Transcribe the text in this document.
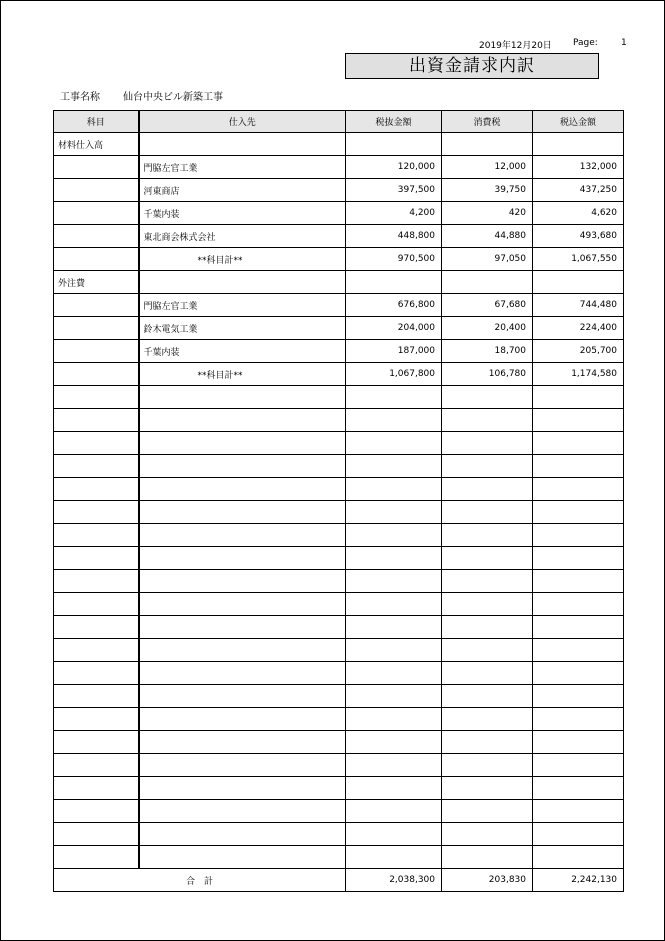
2019年12月20日 Page:	1
出資金請求内訳
工事名称 仙台中央ビル新築工事
科目	仕入先	税抜金額	消費税	税込金額
材料仕入高				
	門脇左官工業	120,000	12,000	132,000
	河東商店	397,500	39,750	437,250
	千葉内装	4,200	420	4,620
	東北商会株式会社	448,800	44,880	493,680
	**科目計**	970,500	97,050	1,067,550
外注費				
	門脇左官工業	676,800	67,680	744,480
	鈴木電気工業	204,000	20,400	224,400
	千葉内装	187,000	18,700	205,700
	**科目計**	1,067,800	106,780	1,174,580

合　計		2,038,300	203,830	2,242,130
